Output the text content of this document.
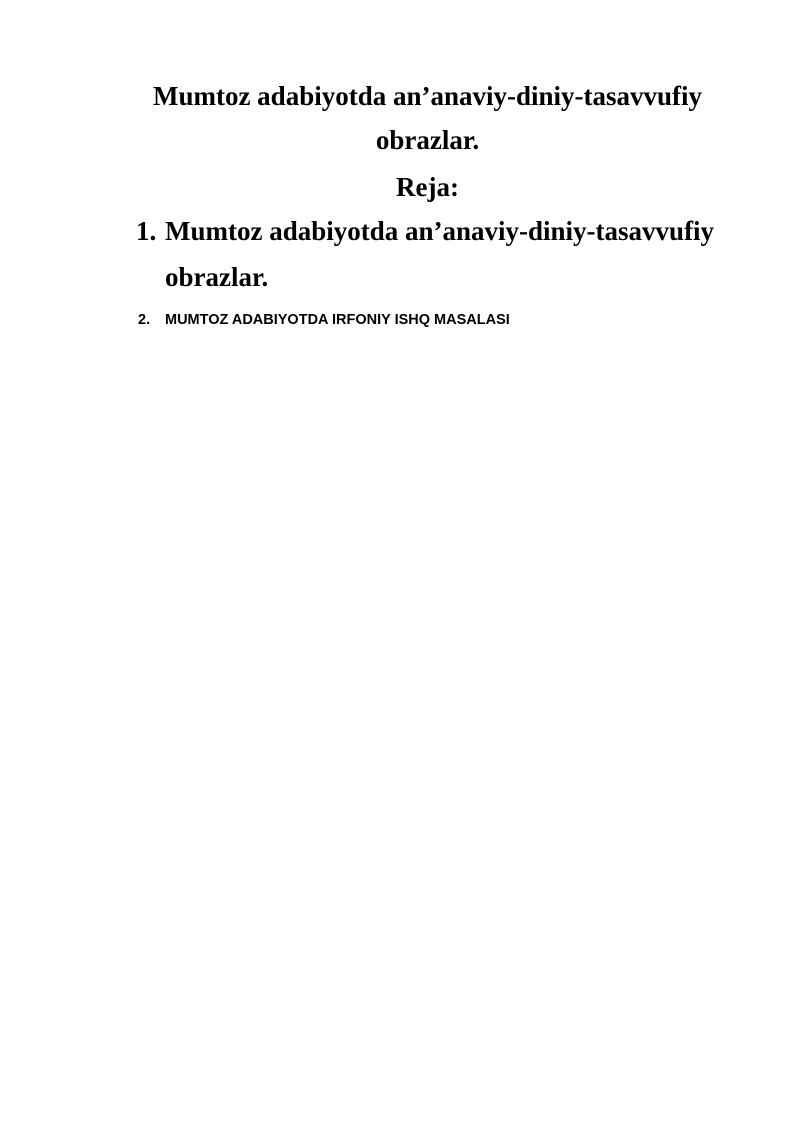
Mumtoz adabiyotda an’anaviy-diniy-tasavvufiy
obrazlar.
Reja:
1. Mumtoz adabiyotda an’anaviy-diniy-tasavvufiy
obrazlar.
2. MUMTOZ ADABIYOTDA IRFONIY ISHQ MASALASI
